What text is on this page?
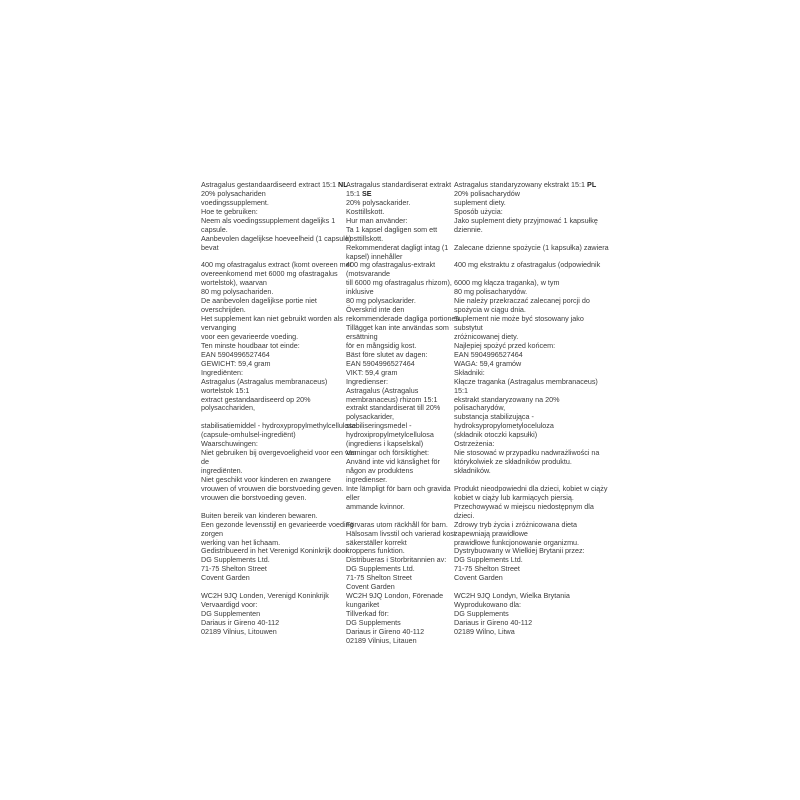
Astragalus gestandaardiseerd extract 15:1 NL
20% polysachariden
voedingssupplement.
Hoe te gebruiken:
Neem als voedingssupplement dagelijks 1
capsule.
Aanbevolen dagelijkse hoeveelheid (1 capsule)
bevat
400 mg ofastragalus extract (komt overeen met
overeenkomend met 6000 mg ofastragalus
wortelstok), waarvan
80 mg polysachariden.
De aanbevolen dagelijkse portie niet
overschrijden.
Het supplement kan niet gebruikt worden als
vervanging
voor een gevarieerde voeding.
Ten minste houdbaar tot einde:
EAN 5904996527464
GEWICHT: 59,4 gram
Ingrediënten:
Astragalus (Astragalus membranaceus)
wortelstok 15:1
extract gestandaardiseerd op 20%
polysacchariden,
stabilisatiemiddel - hydroxypropylmethylcellulose
(capsule-omhulsel-ingrediënt)
Waarschuwingen:
Niet gebruiken bij overgevoeligheid voor een van
de
ingrediënten.
Niet geschikt voor kinderen en zwangere
vrouwen of vrouwen die borstvoeding geven.
vrouwen die borstvoeding geven.
Buiten bereik van kinderen bewaren.
Een gezonde levensstijl en gevarieerde voeding
zorgen
werking van het lichaam.
Gedistribueerd in het Verenigd Koninkrijk door:
DG Supplements Ltd.
71-75 Shelton Street
Covent Garden
WC2H 9JQ Londen, Verenigd Koninkrijk
Vervaardigd voor:
DG Supplementen
Dariaus ir Gireno 40-112
02189 Vilnius, Litouwen
Astragalus standardiserat extrakt
15:1 SE
20% polysackarider.
Kosttillskott.
Hur man använder:
Ta 1 kapsel dagligen som ett
kosttillskott.
Rekommenderat dagligt intag (1
kapsel) innehåller
400 mg ofastragalus-extrakt
(motsvarande
till 6000 mg ofastragalus rhizom),
inklusive
80 mg polysackarider.
Överskrid inte den
rekommenderade dagliga portionen.
Tillägget kan inte användas som
ersättning
för en mångsidig kost.
Bäst före slutet av dagen:
EAN 5904996527464
VIKT: 59,4 gram
Ingredienser:
Astragalus (Astragalus
membranaceus) rhizom 15:1
extrakt standardiserat till 20%
polysackarider,
stabiliseringsmedel -
hydroxipropylmetylcellulosa
(ingrediens i kapselskal)
Varningar och försiktighet:
Använd inte vid känslighet för
någon av produktens
ingredienser.
Inte lämpligt för barn och gravida
eller
ammande kvinnor.
Förvaras utom räckhåll för barn.
Hälsosam livsstil och varierad kost
säkerställer korrekt
kroppens funktion.
Distribueras i Storbritannien av:
DG Supplements Ltd.
71-75 Shelton Street
Covent Garden
WC2H 9JQ London, Förenade
kungariket
Tillverkad för:
DG Supplements
Dariaus ir Gireno 40-112
02189 Vilnius, Litauen
Astragalus standaryzowany ekstrakt 15:1 PL
20% polisacharydów
suplement diety.
Sposób użycia:
Jako suplement diety przyjmować 1 kapsułkę
dziennie.
Zalecane dzienne spożycie (1 kapsułka) zawiera
400 mg ekstraktu z ofastragalus (odpowiednik
6000 mg kłącza traganka), w tym
80 mg polisacharydów.
Nie należy przekraczać zalecanej porcji do
spożycia w ciągu dnia.
Suplement nie może być stosowany jako
substytut
zróżnicowanej diety.
Najlepiej spożyć przed końcem:
EAN 5904996527464
WAGA: 59,4 gramów
Składniki:
Kłącze traganka (Astragalus membranaceus)
15:1
ekstrakt standaryzowany na 20%
polisacharydów,
substancja stabilizująca -
hydroksypropylometyloceluloza
(składnik otoczki kapsułki)
Ostrzeżenia:
Nie stosować w przypadku nadwrażliwości na
którykolwiek ze składników produktu.
składników.
Produkt nieodpowiedni dla dzieci, kobiet w ciąży
kobiet w ciąży lub karmiących piersią.
Przechowywać w miejscu niedostępnym dla
dzieci.
Zdrowy tryb życia i zróżnicowana dieta
zapewniają prawidłowe
prawidłowe funkcjonowanie organizmu.
Dystrybuowany w Wielkiej Brytanii przez:
DG Supplements Ltd.
71-75 Shelton Street
Covent Garden
WC2H 9JQ Londyn, Wielka Brytania
Wyprodukowano dla:
DG Supplements
Dariaus ir Gireno 40-112
02189 Wilno, Litwa
